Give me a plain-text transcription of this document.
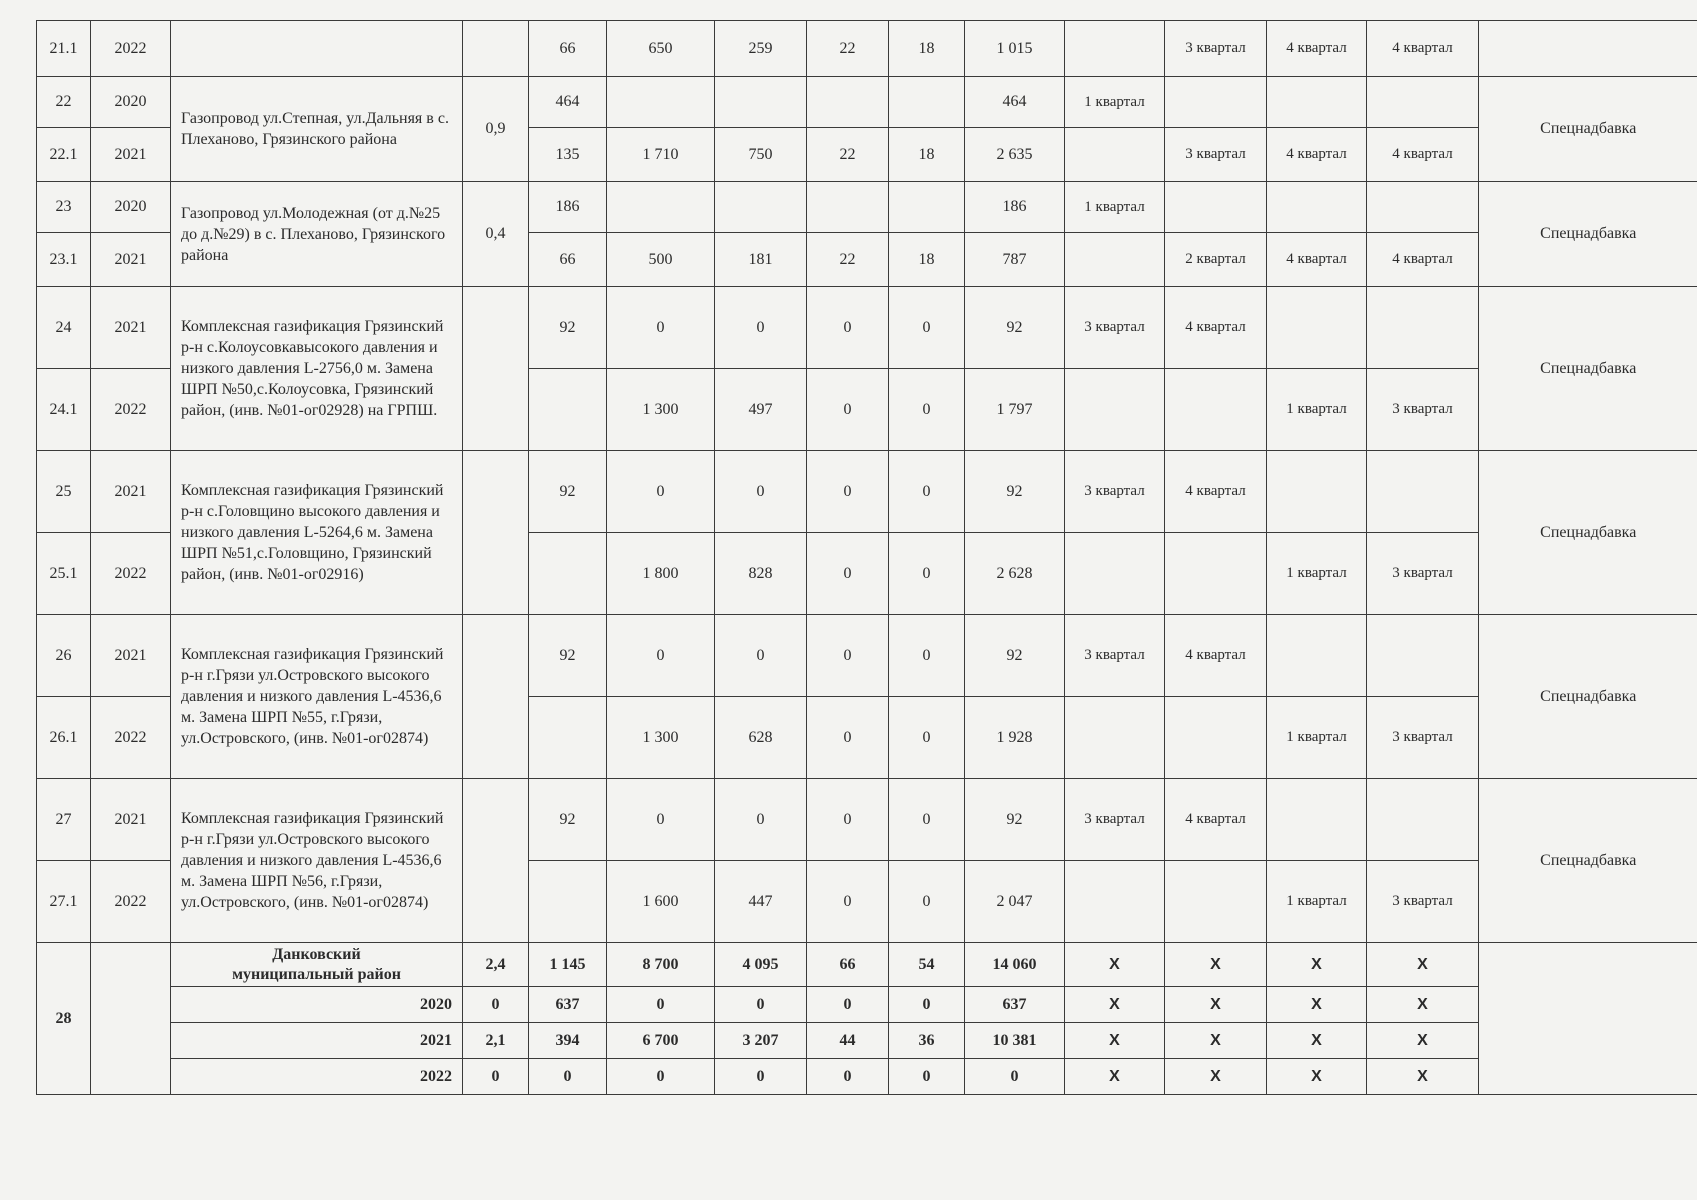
21.1	2022			66	650	259	22	18	1 015		3 квартал	4 квартал	4 квартал	
22	2020	Газопровод ул.Степная, ул.Дальняя в с. Плеханово, Грязинского района	0,9	464					464	1 квартал				Спецнадбавка
22.1	2021			135	1 710	750	22	18	2 635		3 квартал	4 квартал	4 квартал	
23	2020	Газопровод ул.Молодежная (от д.№25 до д.№29) в с. Плеханово, Грязинского района	0,4	186					186	1 квартал				Спецнадбавка
23.1	2021			66	500	181	22	18	787		2 квартал	4 квартал	4 квартал	
24	2021	Комплексная газификация Грязинский р-н с.Колоусовкавысокого давления и низкого давления L-2756,0 м. Замена ШРП №50,с.Колоусовка, Грязинский район, (инв. №01-ог02928) на ГРПШ.		92	0	0	0	0	92	3 квартал	4 квартал			Спецнадбавка
24.1	2022				1 300	497	0	0	1 797			1 квартал	3 квартал	
25	2021	Комплексная газификация Грязинский р-н с.Головщино высокого давления и низкого давления L-5264,6 м. Замена ШРП №51,с.Головщино, Грязинский район, (инв. №01-ог02916)		92	0	0	0	0	92	3 квартал	4 квартал			Спецнадбавка
25.1	2022				1 800	828	0	0	2 628			1 квартал	3 квартал	
26	2021	Комплексная газификация Грязинский р-н г.Грязи ул.Островского высокого давления и низкого давления L-4536,6 м. Замена ШРП №55, г.Грязи, ул.Островского, (инв. №01-ог02874)		92	0	0	0	0	92	3 квартал	4 квартал			Спецнадбавка
26.1	2022				1 300	628	0	0	1 928			1 квартал	3 квартал	
27	2021	Комплексная газификация Грязинский р-н г.Грязи ул.Островского высокого давления и низкого давления L-4536,6 м. Замена ШРП №56, г.Грязи, ул.Островского, (инв. №01-ог02874)		92	0	0	0	0	92	3 квартал	4 квартал			Спецнадбавка
27.1	2022				1 600	447	0	0	2 047			1 квартал	3 квартал	
28		Данковский
муниципальный район	2,4	1 145	8 700	4 095	66	54	14 060	X	X	X	X	
		2020	0	637	0	0	0	0	637	X	X	X	X	
		2021	2,1	394	6 700	3 207	44	36	10 381	X	X	X	X	
		2022	0	0	0	0	0	0	0	X	X	X	X	
